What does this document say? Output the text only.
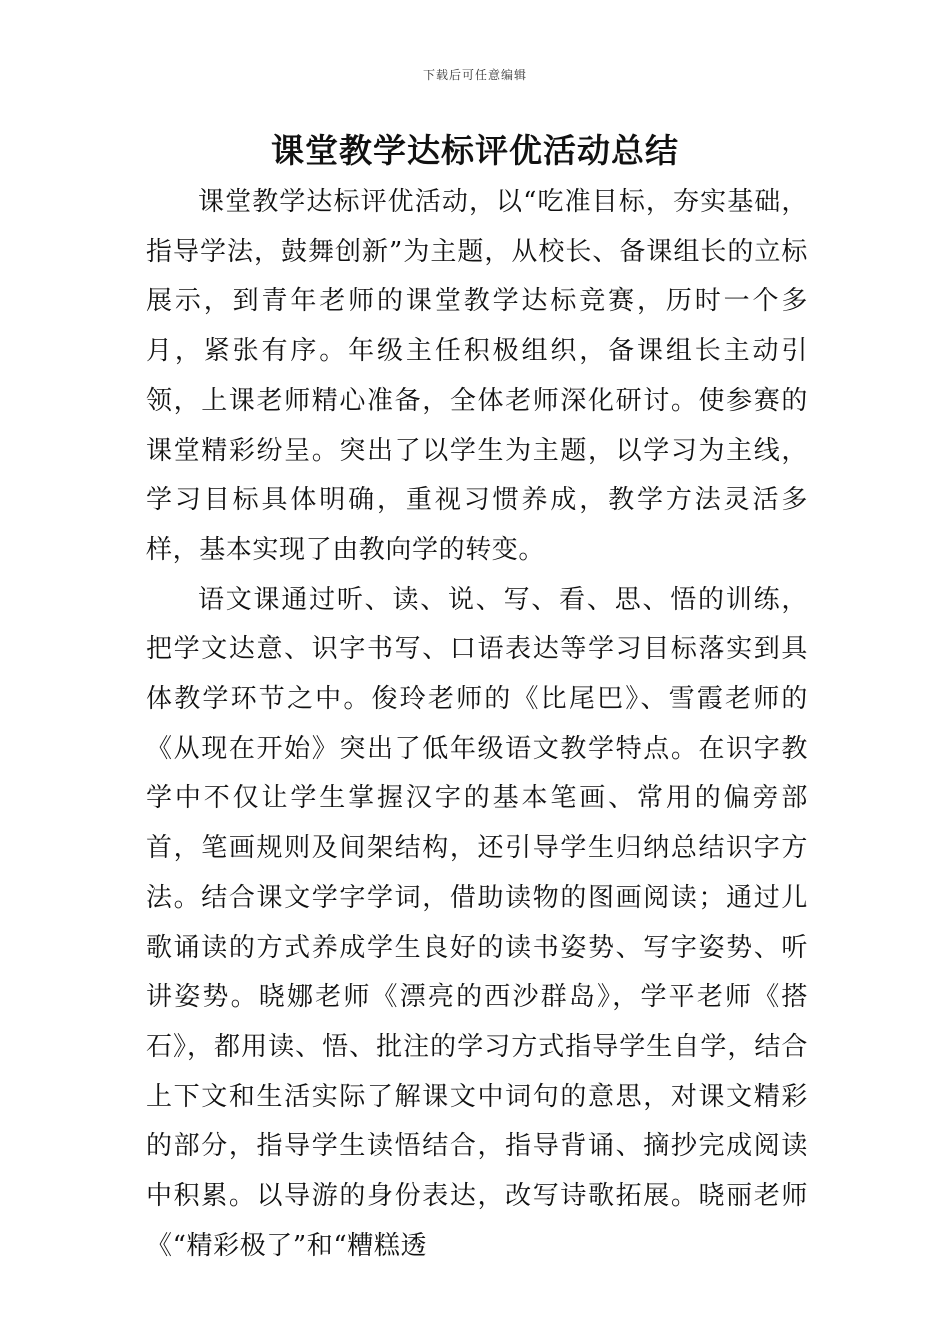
下载后可任意编辑
课堂教学达标评优活动总结

课堂教学达标评优活动，以“吃准目标，夯实基础，指导学法，鼓舞创新”为主题，从校长、备课组长的立标展示，到青年老师的课堂教学达标竞赛，历时一个多月，紧张有序。年级主任积极组织，备课组长主动引领，上课老师精心准备，全体老师深化研讨。使参赛的课堂精彩纷呈。突出了以学生为主题，以学习为主线，学习目标具体明确，重视习惯养成，教学方法灵活多样，基本实现了由教向学的转变。

语文课通过听、读、说、写、看、思、悟的训练，把学文达意、识字书写、口语表达等学习目标落实到具体教学环节之中。俊玲老师的《比尾巴》、雪霞老师的《从现在开始》突出了低年级语文教学特点。在识字教学中不仅让学生掌握汉字的基本笔画、常用的偏旁部首，笔画规则及间架结构，还引导学生归纳总结识字方法。结合课文学字学词，借助读物的图画阅读；通过儿歌诵读的方式养成学生良好的读书姿势、写字姿势、听讲姿势。晓娜老师《漂亮的西沙群岛》，学平老师《搭石》，都用读、悟、批注的学习方式指导学生自学，结合上下文和生活实际了解课文中词句的意思，对课文精彩的部分，指导学生读悟结合，指导背诵、摘抄完成阅读中积累。以导游的身份表达，改写诗歌拓展。晓丽老师《“精彩极了”和“糟糕透
